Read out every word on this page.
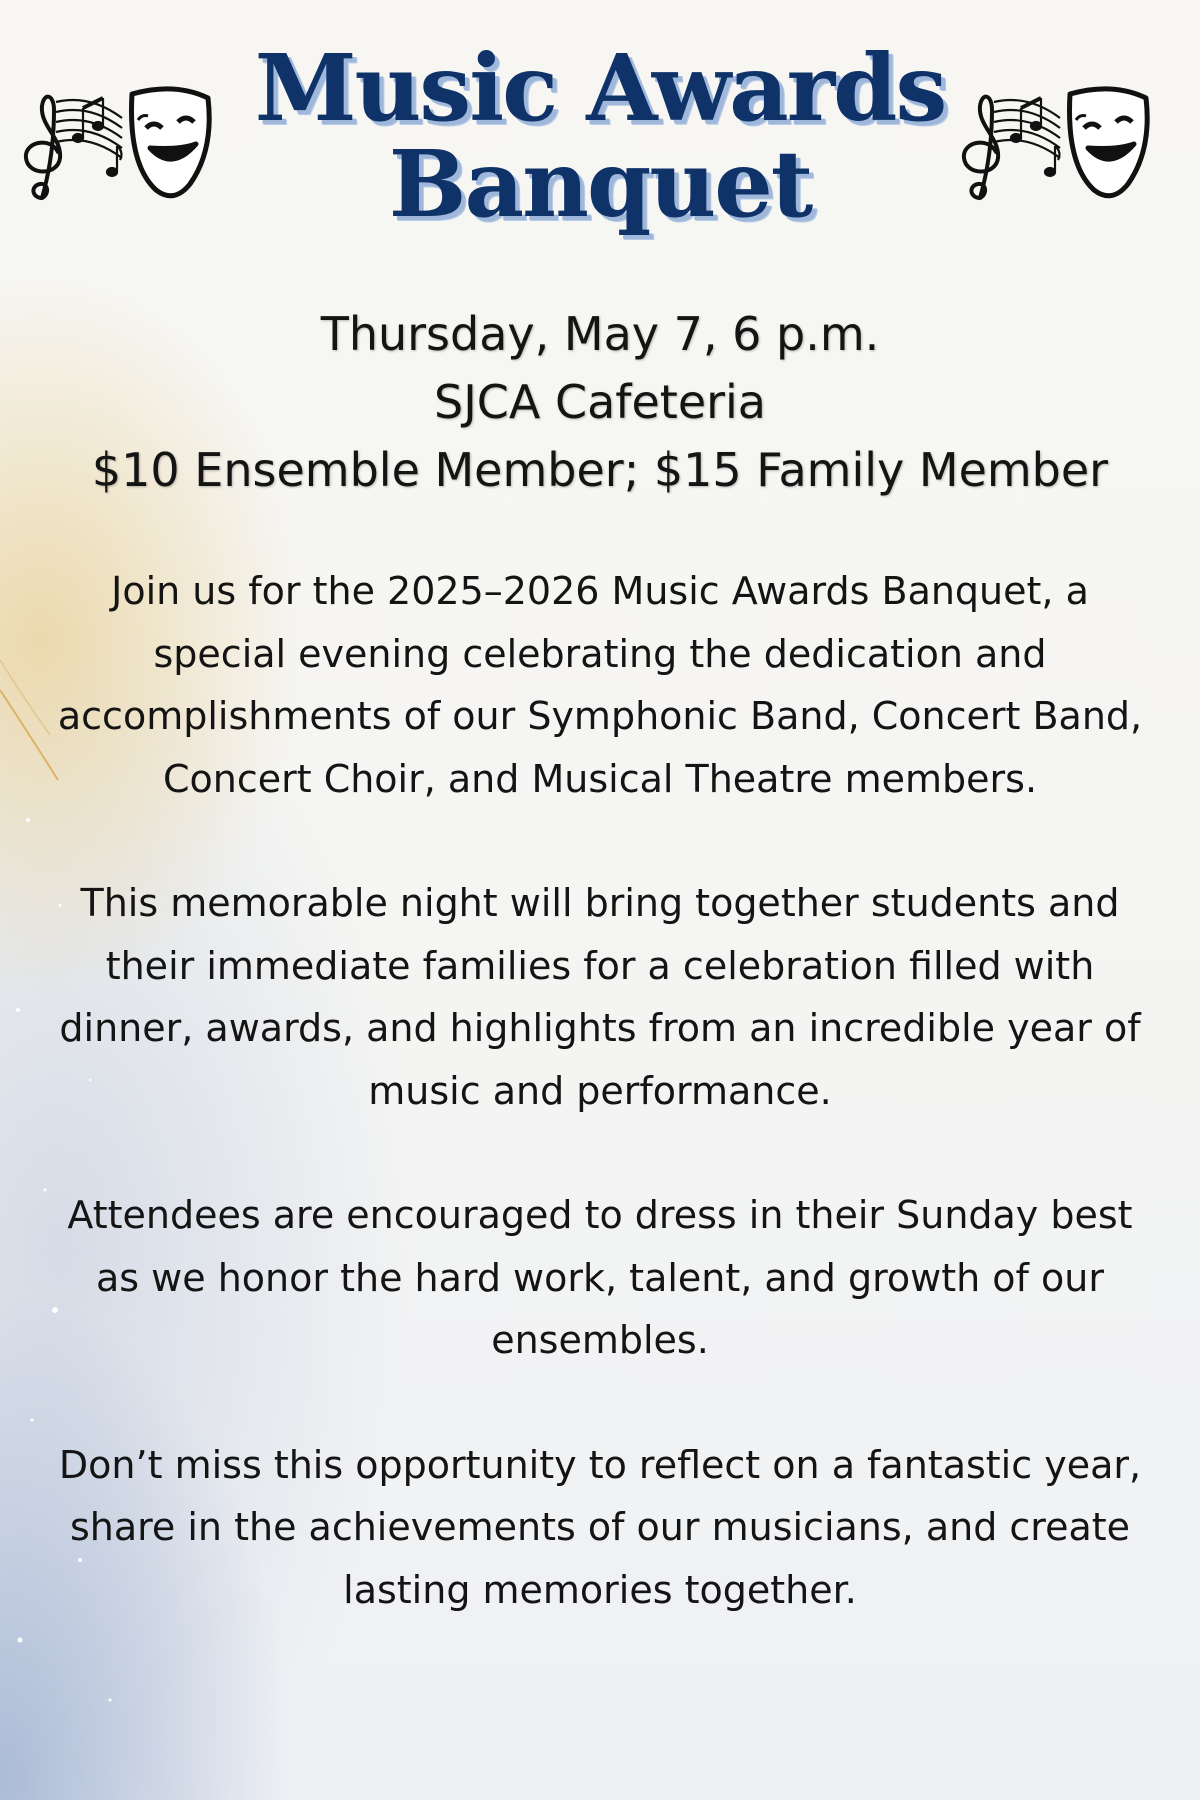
Music Awards
Banquet
Thursday, May 7, 6 p.m.
SJCA Cafeteria
$10 Ensemble Member; $15 Family Member

Join us for the 2025–2026 Music Awards Banquet, a special evening celebrating the dedication and accomplishments of our Symphonic Band, Concert Band, Concert Choir, and Musical Theatre members.

This memorable night will bring together students and their immediate families for a celebration filled with dinner, awards, and highlights from an incredible year of music and performance.

Attendees are encouraged to dress in their Sunday best as we honor the hard work, talent, and growth of our ensembles.

Don’t miss this opportunity to reflect on a fantastic year, share in the achievements of our musicians, and create lasting memories together.
